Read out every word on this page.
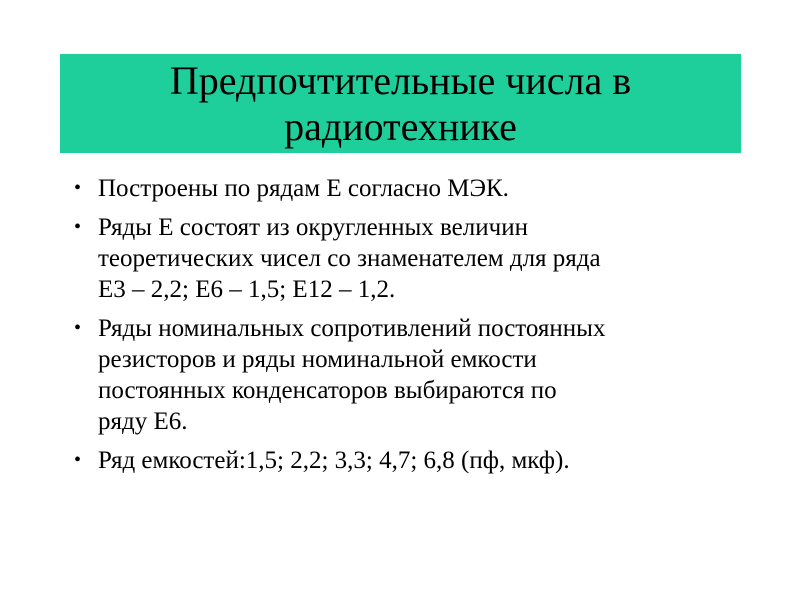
Предпочтительные числа в
радиотехнике
• Построены по рядам Е согласно МЭК.
• Ряды Е состоят из округленных величин
теоретических чисел со знаменателем для ряда
Е3 – 2,2; Е6 – 1,5; Е12 – 1,2.
• Ряды номинальных сопротивлений постоянных
резисторов и ряды номинальной емкости
постоянных конденсаторов выбираются по
ряду Е6.
• Ряд емкостей:1,5; 2,2; 3,3; 4,7; 6,8 (пф, мкф).
